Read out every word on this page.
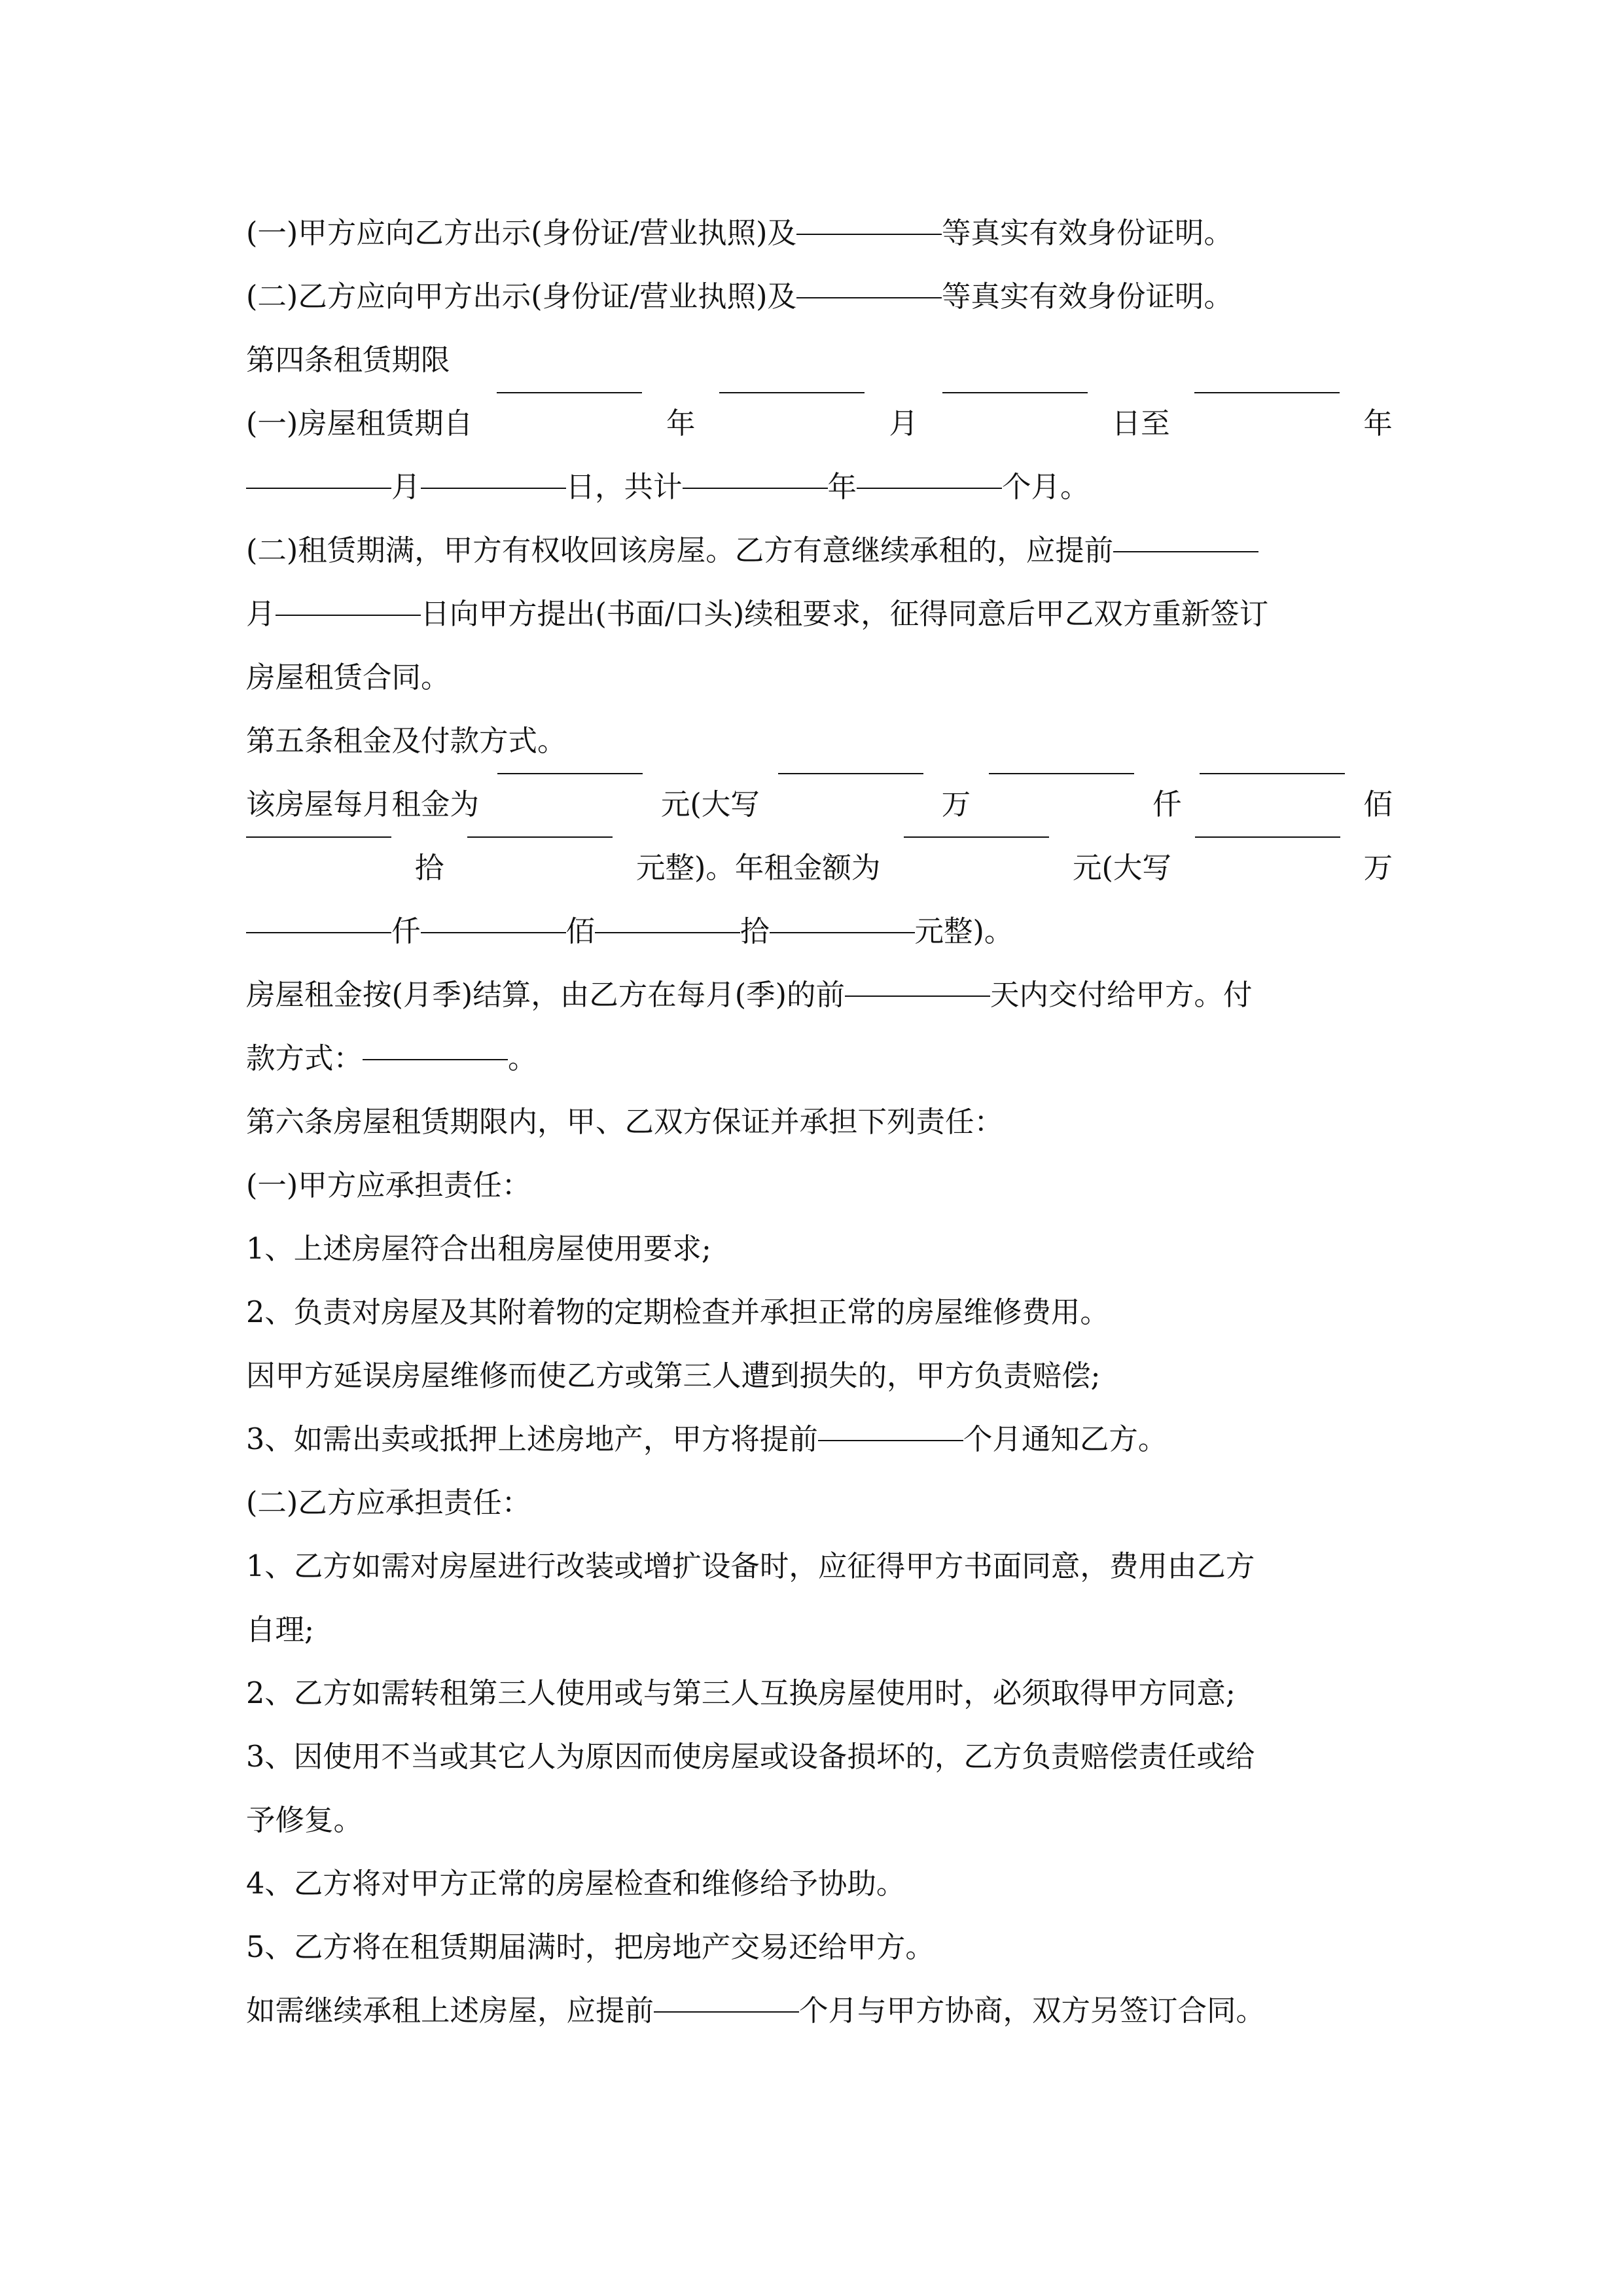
(一)甲方应向乙方出示(身份证/营业执照)及	等真实有效身份证明。
(二)乙方应向甲方出示(身份证/营业执照)及	等真实有效身份证明。
第四条租赁期限
(一)房屋租赁期自	年	月	日至	年
月	日，共计	年	个月。
(二)租赁期满，甲方有权收回该房屋。乙方有意继续承租的，应提前
月	日向甲方提出(书面/口头)续租要求，征得同意后甲乙双方重新签订
房屋租赁合同。
第五条租金及付款方式。
该房屋每月租金为	元(大写	万	仟	佰
拾	元整)。年租金额为	元(大写	万
仟	佰	拾	元整)。
房屋租金按(月季)结算，由乙方在每月(季)的前	天内交付给甲方。付
款方式：	。
第六条房屋租赁期限内，甲、乙双方保证并承担下列责任：
(一)甲方应承担责任：
1、上述房屋符合出租房屋使用要求;
2、负责对房屋及其附着物的定期检查并承担正常的房屋维修费用。
因甲方延误房屋维修而使乙方或第三人遭到损失的，甲方负责赔偿;
3、如需出卖或抵押上述房地产，甲方将提前	个月通知乙方。
(二)乙方应承担责任：
1、乙方如需对房屋进行改装或增扩设备时，应征得甲方书面同意，费用由乙方
自理;
2、乙方如需转租第三人使用或与第三人互换房屋使用时，必须取得甲方同意;
3、因使用不当或其它人为原因而使房屋或设备损坏的，乙方负责赔偿责任或给
予修复。
4、乙方将对甲方正常的房屋检查和维修给予协助。
5、乙方将在租赁期届满时，把房地产交易还给甲方。
如需继续承租上述房屋，应提前	个月与甲方协商，双方另签订合同。
